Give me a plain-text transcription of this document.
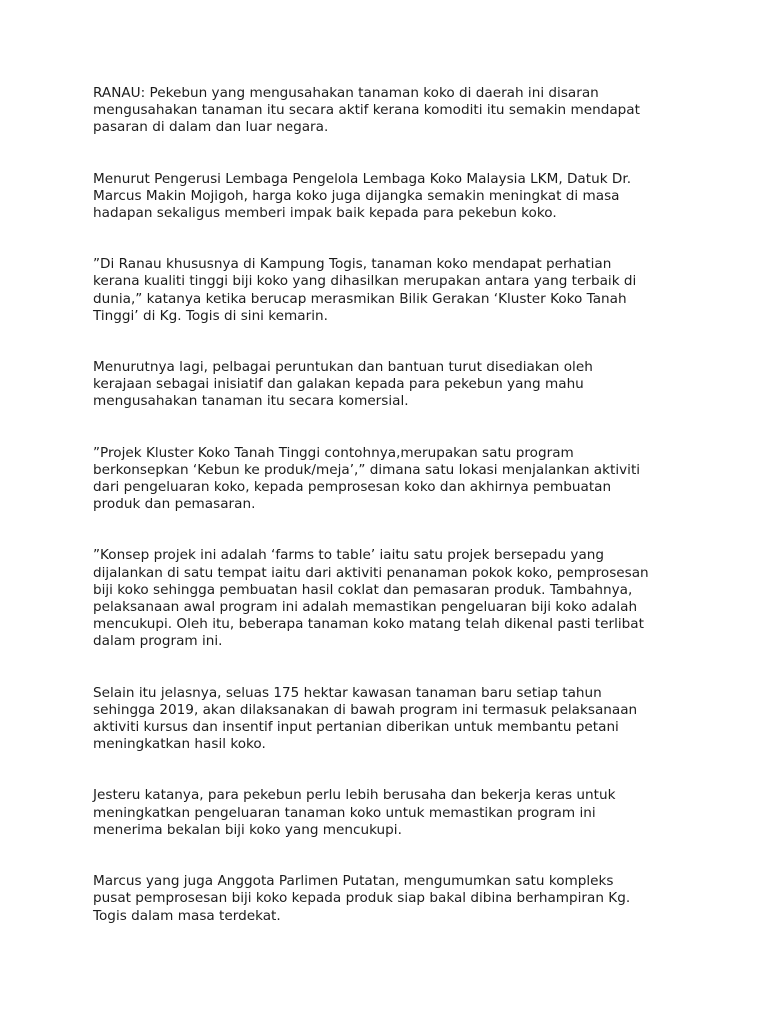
RANAU: Pekebun yang mengusahakan tanaman koko di daerah ini disaran
mengusahakan tanaman itu secara aktif kerana komoditi itu semakin mendapat
pasaran di dalam dan luar negara.

Menurut Pengerusi Lembaga Pengelola Lembaga Koko Malaysia LKM, Datuk Dr.
Marcus Makin Mojigoh, harga koko juga dijangka semakin meningkat di masa
hadapan sekaligus memberi impak baik kepada para pekebun koko.

”Di Ranau khususnya di Kampung Togis, tanaman koko mendapat perhatian
kerana kualiti tinggi biji koko yang dihasilkan merupakan antara yang terbaik di
dunia,” katanya ketika berucap merasmikan Bilik Gerakan ‘Kluster Koko Tanah
Tinggi’ di Kg. Togis di sini kemarin.

Menurutnya lagi, pelbagai peruntukan dan bantuan turut disediakan oleh
kerajaan sebagai inisiatif dan galakan kepada para pekebun yang mahu
mengusahakan tanaman itu secara komersial.

”Projek Kluster Koko Tanah Tinggi contohnya,merupakan satu program
berkonsepkan ‘Kebun ke produk/meja’,” dimana satu lokasi menjalankan aktiviti
dari pengeluaran koko, kepada pemprosesan koko dan akhirnya pembuatan
produk dan pemasaran.

”Konsep projek ini adalah ‘farms to table’ iaitu satu projek bersepadu yang
dijalankan di satu tempat iaitu dari aktiviti penanaman pokok koko, pemprosesan
biji koko sehingga pembuatan hasil coklat dan pemasaran produk. Tambahnya,
pelaksanaan awal program ini adalah memastikan pengeluaran biji koko adalah
mencukupi. Oleh itu, beberapa tanaman koko matang telah dikenal pasti terlibat
dalam program ini.

Selain itu jelasnya, seluas 175 hektar kawasan tanaman baru setiap tahun
sehingga 2019, akan dilaksanakan di bawah program ini termasuk pelaksanaan
aktiviti kursus dan insentif input pertanian diberikan untuk membantu petani
meningkatkan hasil koko.

Jesteru katanya, para pekebun perlu lebih berusaha dan bekerja keras untuk
meningkatkan pengeluaran tanaman koko untuk memastikan program ini
menerima bekalan biji koko yang mencukupi.

Marcus yang juga Anggota Parlimen Putatan, mengumumkan satu kompleks
pusat pemprosesan biji koko kepada produk siap bakal dibina berhampiran Kg.
Togis dalam masa terdekat.
